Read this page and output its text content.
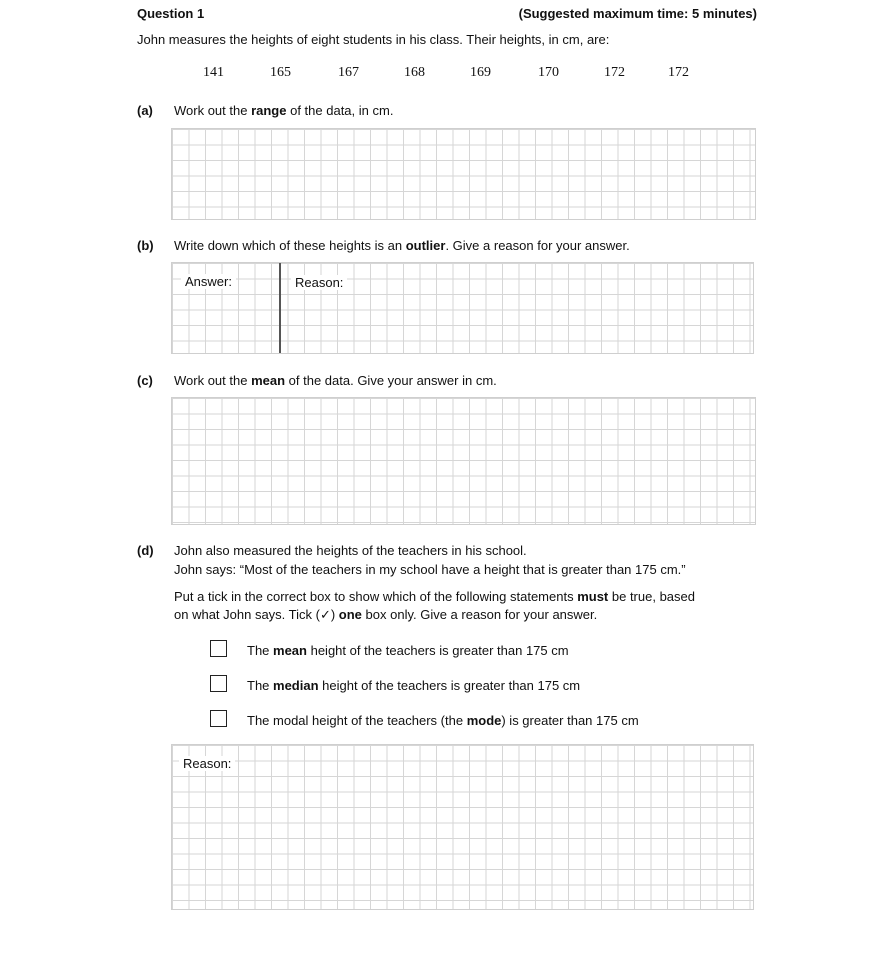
Question 1	(Suggested maximum time: 5 minutes)
John measures the heights of eight students in his class. Their heights, in cm, are:
141	165	167	168	169	170	172	172
(a) Work out the range of the data, in cm.
(b) Write down which of these heights is an outlier. Give a reason for your answer.
Answer:	Reason:
(c) Work out the mean of the data. Give your answer in cm.
(d) John also measured the heights of the teachers in his school.
John says: “Most of the teachers in my school have a height that is greater than 175 cm.”
Put a tick in the correct box to show which of the following statements must be true, based
on what John says. Tick (✓) one box only. Give a reason for your answer.
The mean height of the teachers is greater than 175 cm
The median height of the teachers is greater than 175 cm
The modal height of the teachers (the mode) is greater than 175 cm
Reason:
